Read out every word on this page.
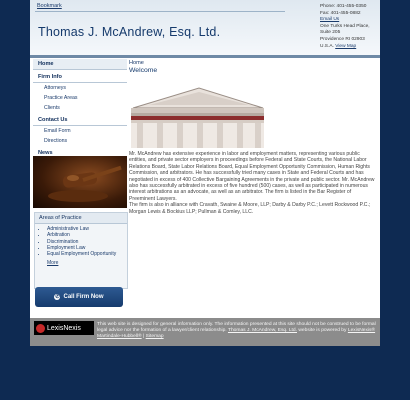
Bookmark
Thomas J. McAndrew, Esq. Ltd.
Phone: 401-455-0350
Fax: 401-455-0882
Email Us
One Turks Head Place,
Suite 205
Providence RI 02903
U.S.A. View Map
Home
Firm Info
Attorneys
Practice Areas
Clients
Contact Us
Email Form
Directions
News
Areas of Practice
• Administrative Law
• Arbitration
• Discrimination
• Employment Law
• Equal Employment Opportunity
More
✆ Call Firm Now
Home
Welcome

Mr. McAndrew has extensive experience in labor and employment matters, representing various public entities, and private sector employers in proceedings before Federal and State Courts, the National Labor Relations Board, State Labor Relations Board, Equal Employment Opportunity Commission, Human Rights Commission, and arbitrators. He has successfully tried many cases in State and Federal Courts and has negotiated in excess of 400 Collective Bargaining Agreements in the private and public sector. Mr. McAndrew also has successfully arbitrated in excess of five hundred (500) cases, as well as participated in numerous interest arbitrations as an advocate, as well as an arbitrator. The firm is listed in the Bar Register of Preeminent Lawyers.

The firm is also in alliance with Cravath, Swaine & Moore, LLP; Darby & Darby P.C.; Levett Rockwood P.C.; Morgan Lewis & Bockius LLP; Pullman & Comley, LLC.

LexisNexis	This web site is designed for general information only. The information presented at this site should not be construed to be formal legal advice nor the formation of a lawyer/client relationship. Thomas J. McAndrew, Esq. Ltd. website is powered by LexisNexis® Martindale-Hubbell® | Sitemap
